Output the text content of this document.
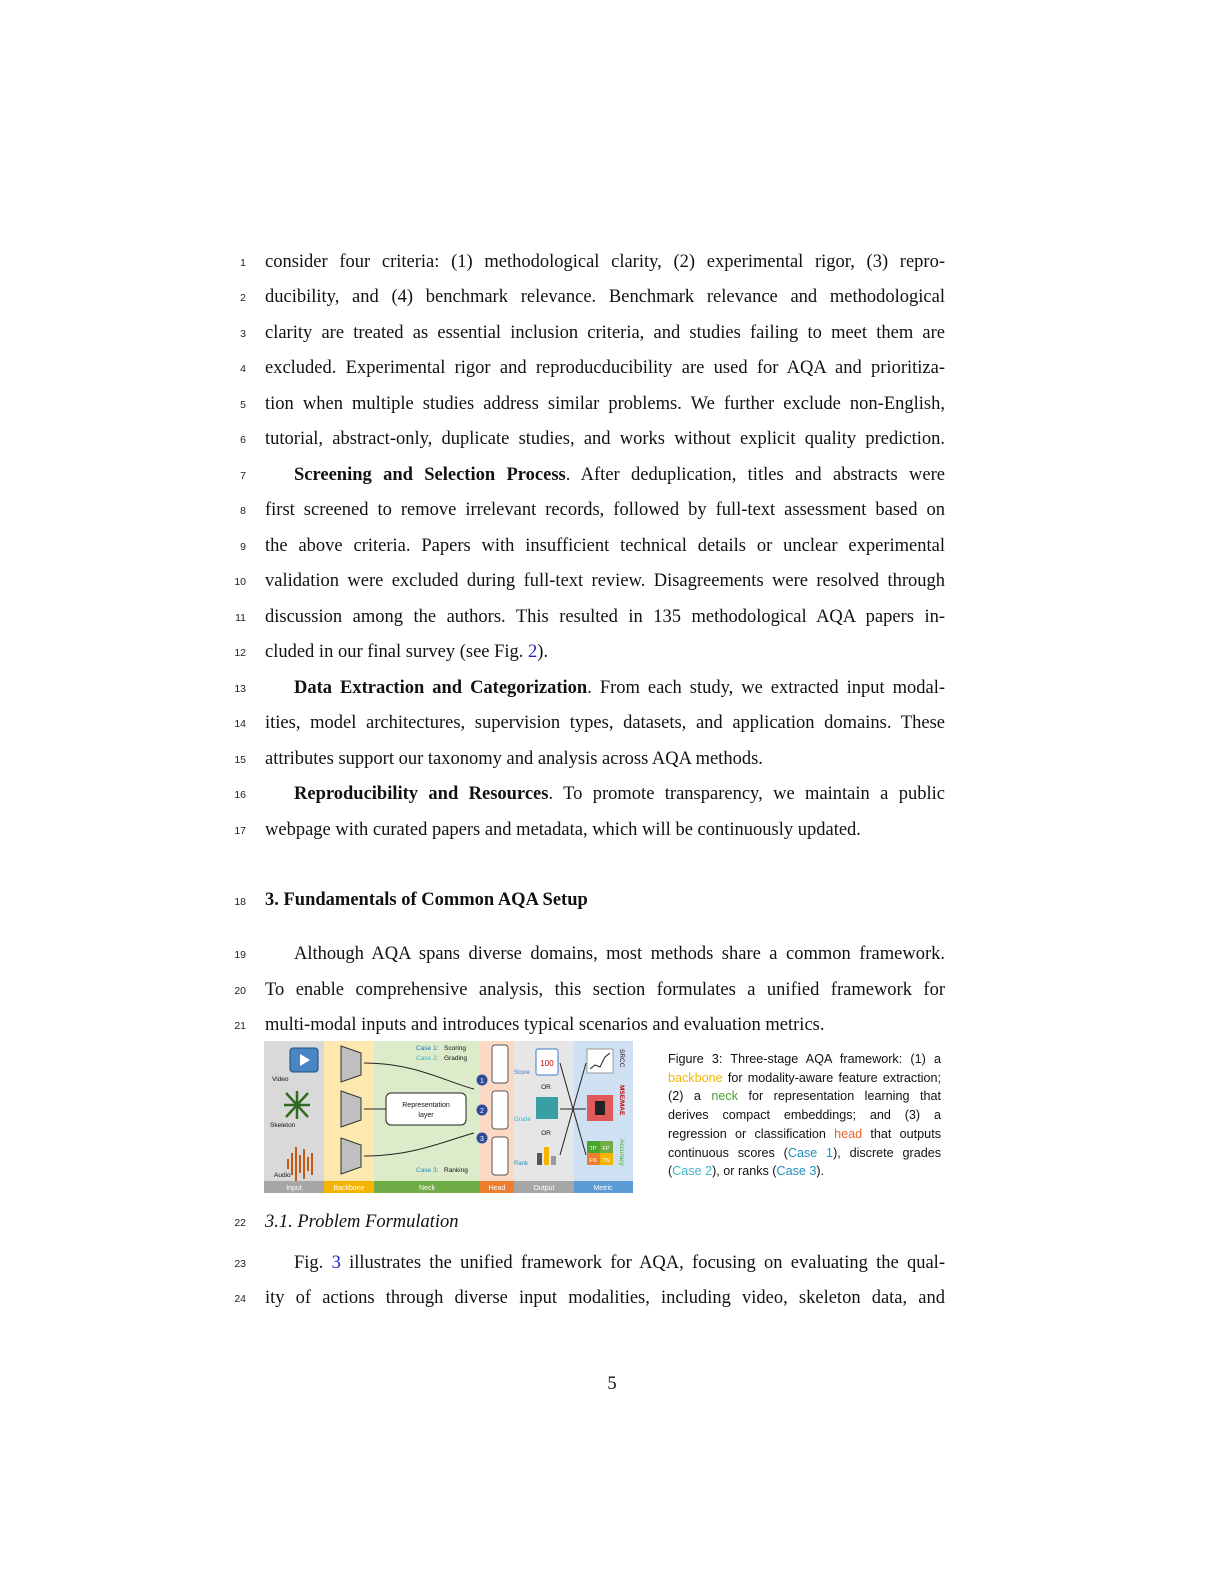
1
2
3
4
5
6
7
8
9
10
11
12
13
14
15
16
17
18
19
20
21
22
23
24
consider four criteria: (1) methodological clarity, (2) experimental rigor, (3) repro-
ducibility, and (4) benchmark relevance. Benchmark relevance and methodological
clarity are treated as essential inclusion criteria, and studies failing to meet them are
excluded. Experimental rigor and reproducducibility are used for AQA and prioritiza-
tion when multiple studies address similar problems. We further exclude non-English,
tutorial, abstract-only, duplicate studies, and works without explicit quality prediction.
Screening and Selection Process. After deduplication, titles and abstracts were
first screened to remove irrelevant records, followed by full-text assessment based on
the above criteria. Papers with insufficient technical details or unclear experimental
validation were excluded during full-text review. Disagreements were resolved through
discussion among the authors. This resulted in 135 methodological AQA papers in-
cluded in our final survey (see Fig. 2).
Data Extraction and Categorization. From each study, we extracted input modal-
ities, model architectures, supervision types, datasets, and application domains. These
attributes support our taxonomy and analysis across AQA methods.
Reproducibility and Resources. To promote transparency, we maintain a public
webpage with curated papers and metadata, which will be continuously updated.
3. Fundamentals of Common AQA Setup
Although AQA spans diverse domains, most methods share a common framework.
To enable comprehensive analysis, this section formulates a unified framework for
multi-modal inputs and introduces typical scenarios and evaluation metrics.
Input	Backbone	Neck	Head	Output	Metric
Video
Skeleton
Audio
Case 1: Scoring
Case 2: Grading
Representation
layer
Case 3: Ranking
1
2
3
100
Score
OR
Grade
OR
Rank
TP FP
FN TN
SRCC
MSE/MAE
Accuracy
Figure 3: Three-stage AQA framework: (1) a backbone for modality-aware feature extraction; (2) a neck for representation learning that derives compact embeddings; and (3) a regression or classification head that outputs continuous scores (Case 1), discrete grades (Case 2), or ranks (Case 3).
3.1. Problem Formulation
Fig. 3 illustrates the unified framework for AQA, focusing on evaluating the qual-
ity of actions through diverse input modalities, including video, skeleton data, and
5
